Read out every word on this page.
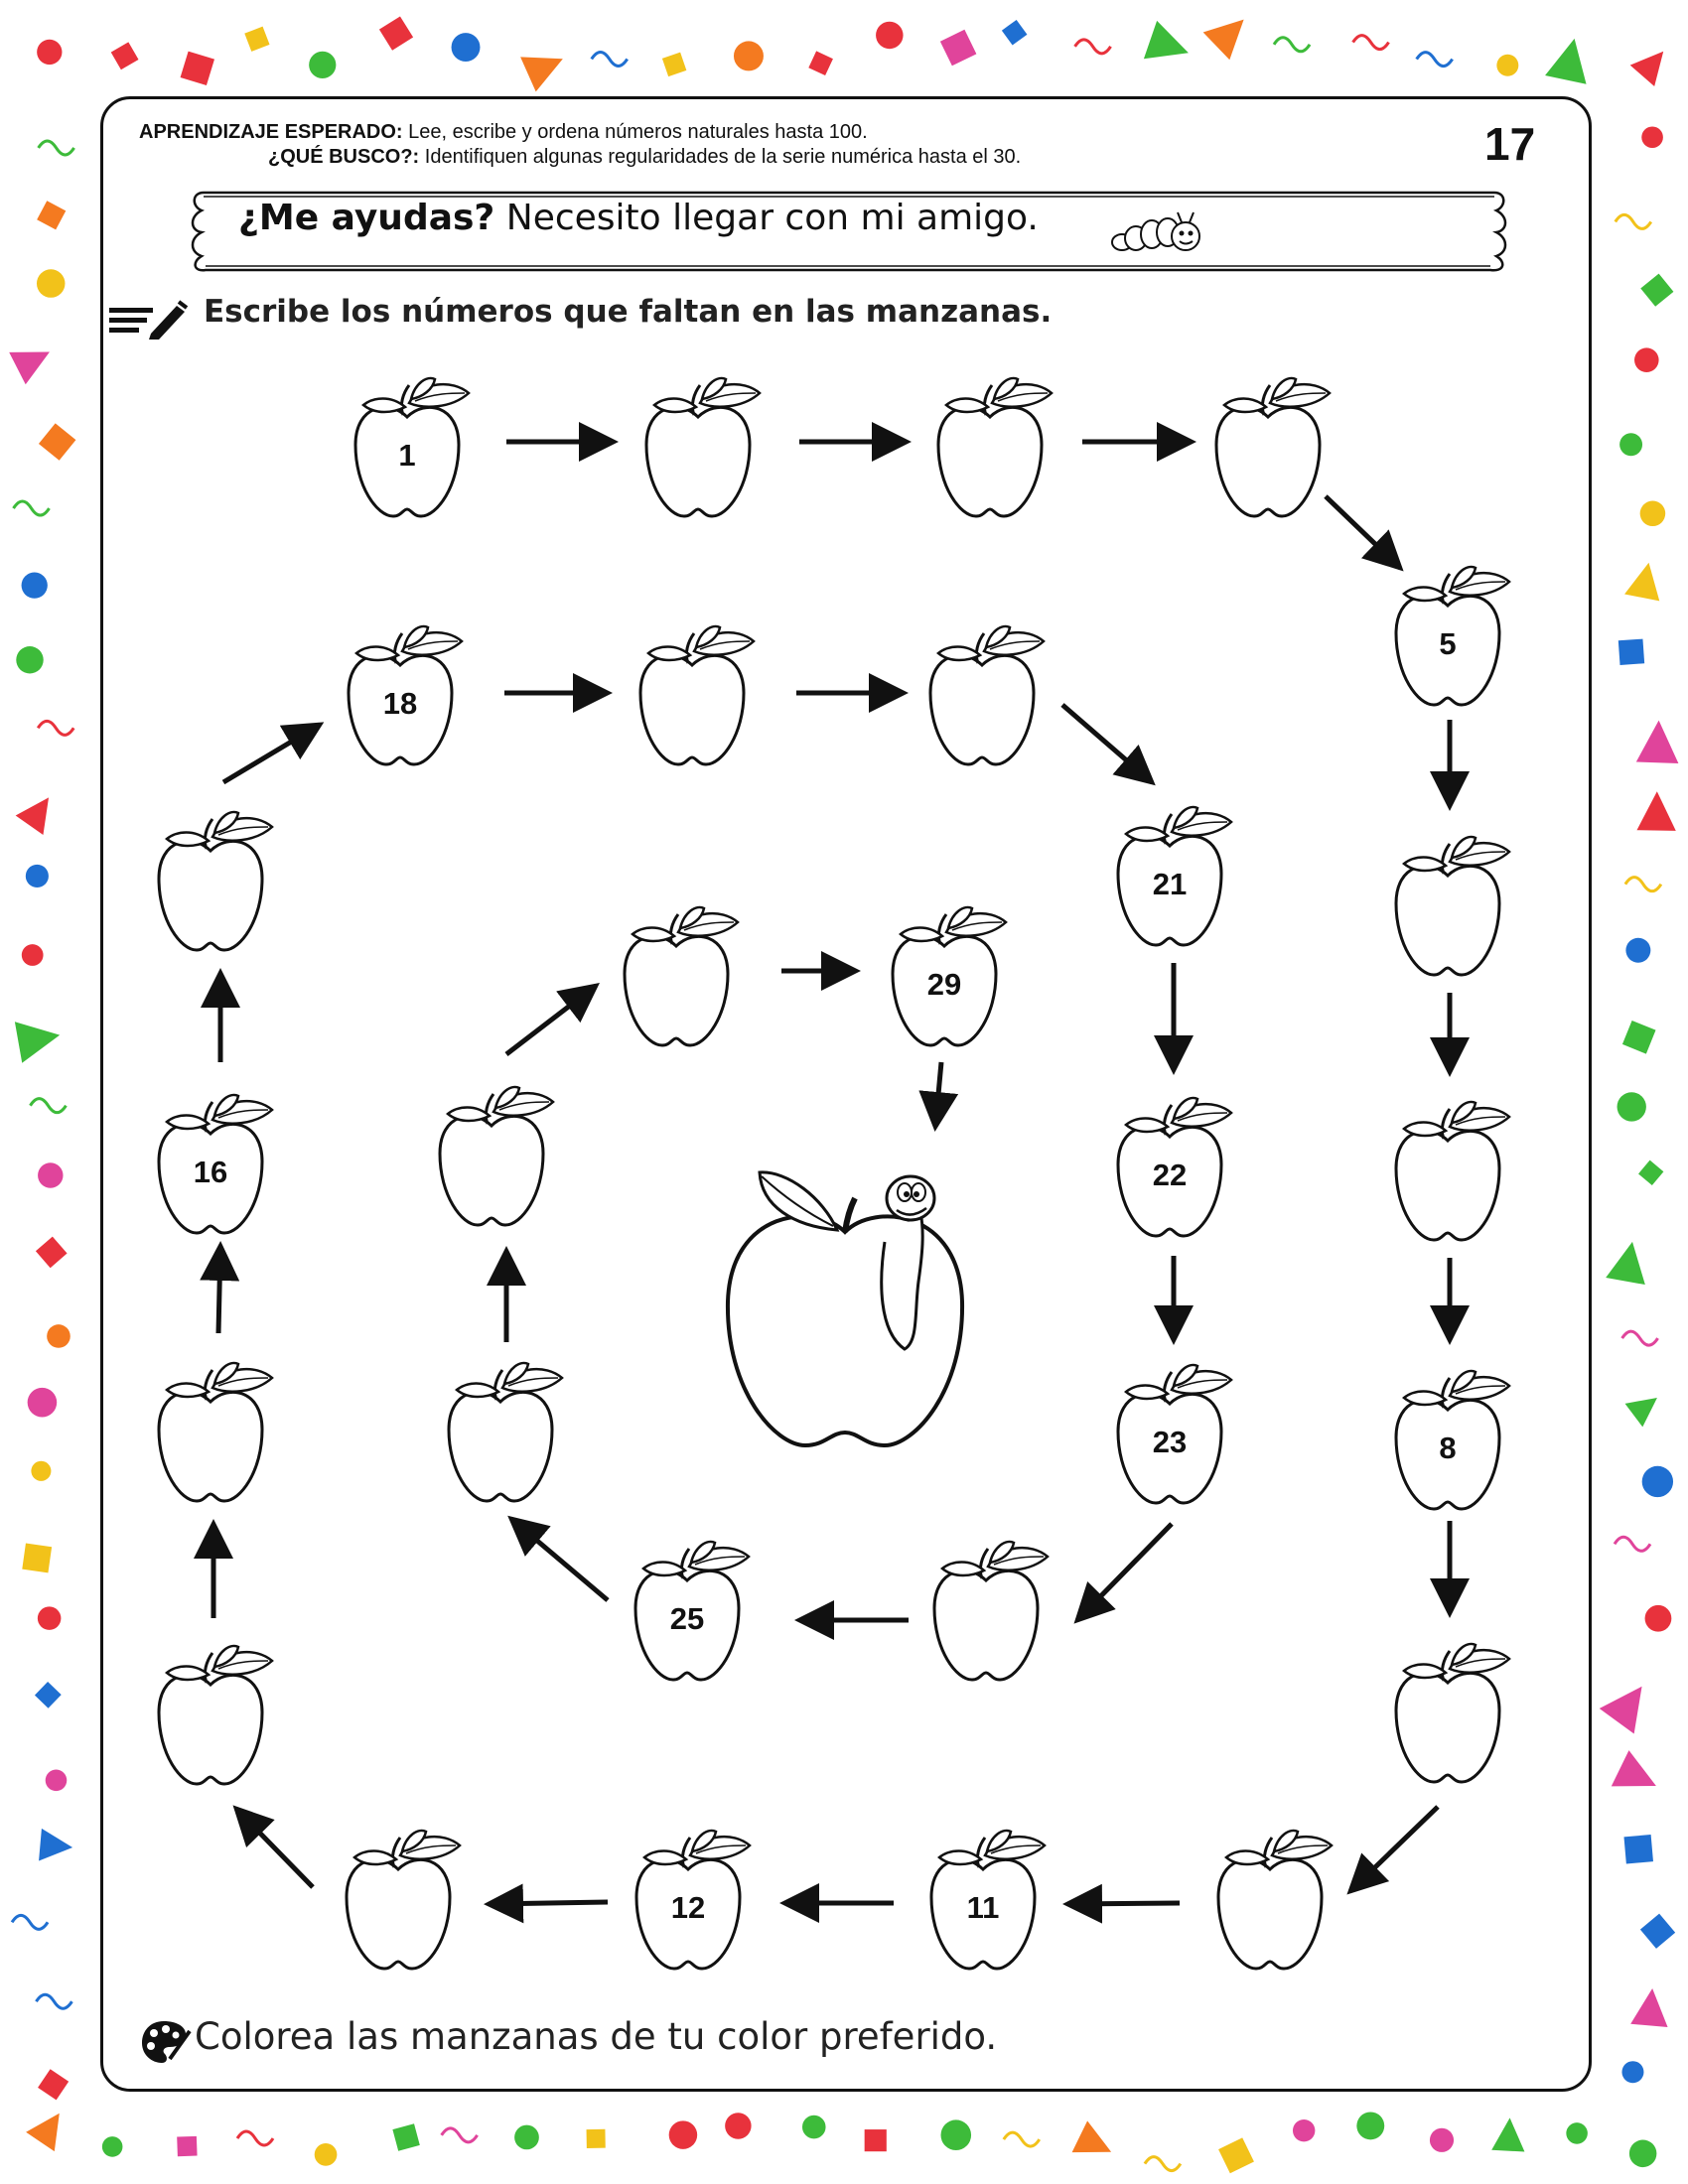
APRENDIZAJE ESPERADO: Lee, escribe y ordena números naturales hasta 100.
¿QUÉ BUSCO?: Identifiquen algunas regularidades de la serie numérica hasta el 30.	17
¿Me ayudas? Necesito llegar con mi amigo.
Escribe los números que faltan en las manzanas.
1
5
8
11
12
16
18
21
22
23
25
29
Colorea las manzanas de tu color preferido.
